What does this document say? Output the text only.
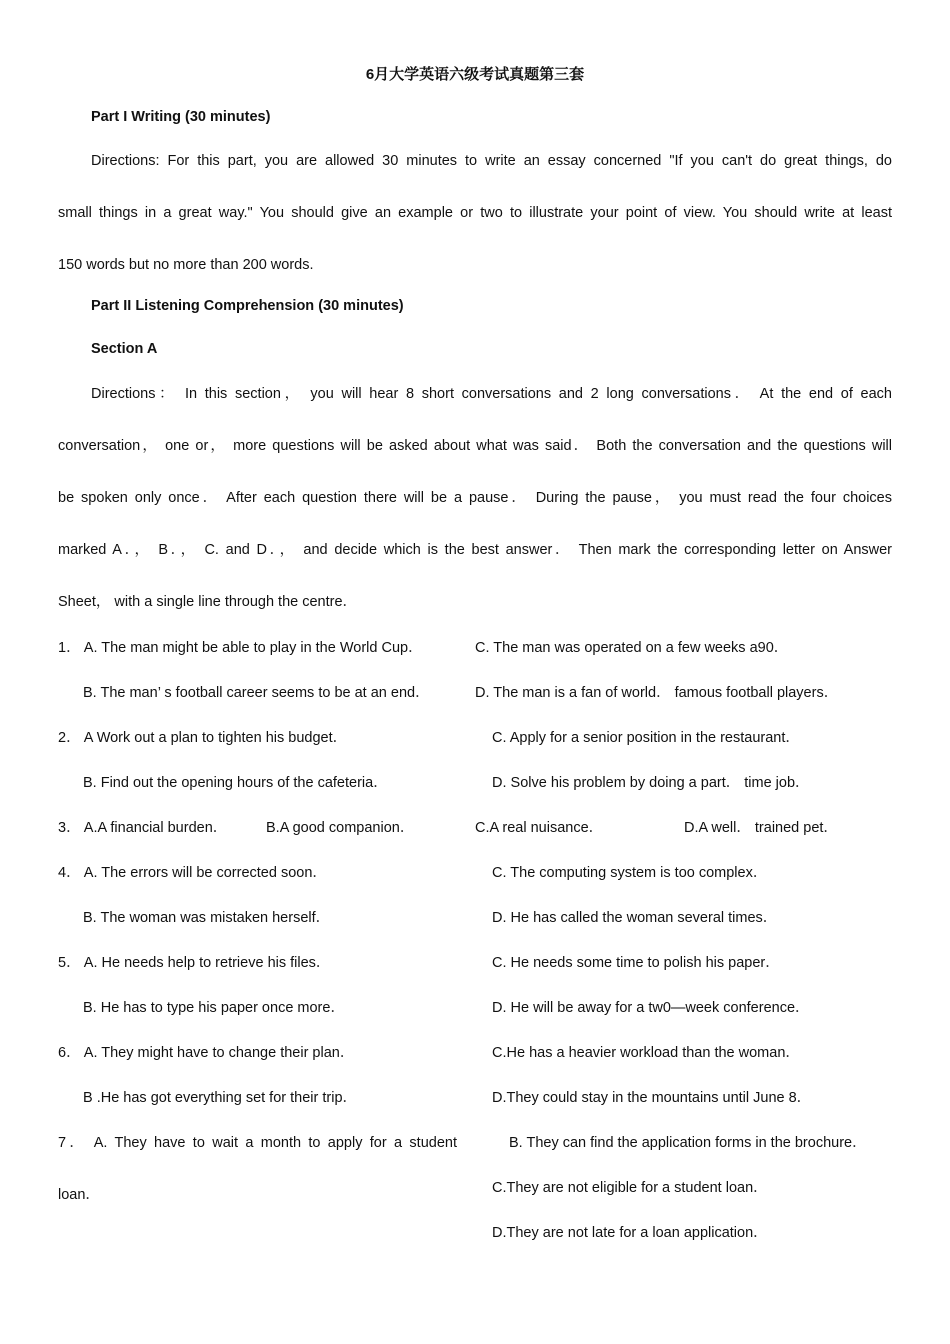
6月大学英语六级考试真题第三套
Part I Writing (30 minutes)
Directions: For this part, you are allowed 30 minutes to write an essay concerned "If you can't do great things, do
small things in a great way." You should give an example or two to illustrate your point of view. You should write at least
150 words but no more than 200 words.
Part II Listening Comprehension (30 minutes)
Section A
Directions： In this section， you will hear 8 short conversations and 2 long conversations． At the end of each
conversation， one or， more questions will be asked about what was said． Both the conversation and the questions will
be spoken only once． After each question there will be a pause． During the pause， you must read the four choices
marked A．， B．， C. and D．， and decide which is the best answer． Then mark the corresponding letter on Answer
Sheet， with a single line through the centre．
1． A. The man might be able to play in the World Cup．	C. The man was operated on a few weeks a90．
B. The man’ s football career seems to be at an end．	D. The man is a fan of world． famous football players．
2． A Work out a plan to tighten his budget．	C. Apply for a senior position in the restaurant．
B. Find out the opening hours of the cafeteria．	D. Solve his problem by doing a part． time job．
3． A.A financial burden．	B.A good companion．	C.A real nuisance．	D.A well． trained pet．
4． A. The errors will be corrected soon．	C. The computing system is too complex．
B. The woman was mistaken herself．	D. He has called the woman several times．
5． A. He needs help to retrieve his files．	C. He needs some time to polish his paper．
B. He has to type his paper once more．	D. He will be away for a tw0—week conference．
6． A. They might have to change their plan．	C.He has a heavier workload than the woman．
B .He has got everything set for their trip．	D.They could stay in the mountains until June 8．
7． A. They have to wait a month to apply for a student	B. They can find the application forms in the brochure．
loan．	C.They are not eligible for a student loan．
D.They are not late for a loan application．
